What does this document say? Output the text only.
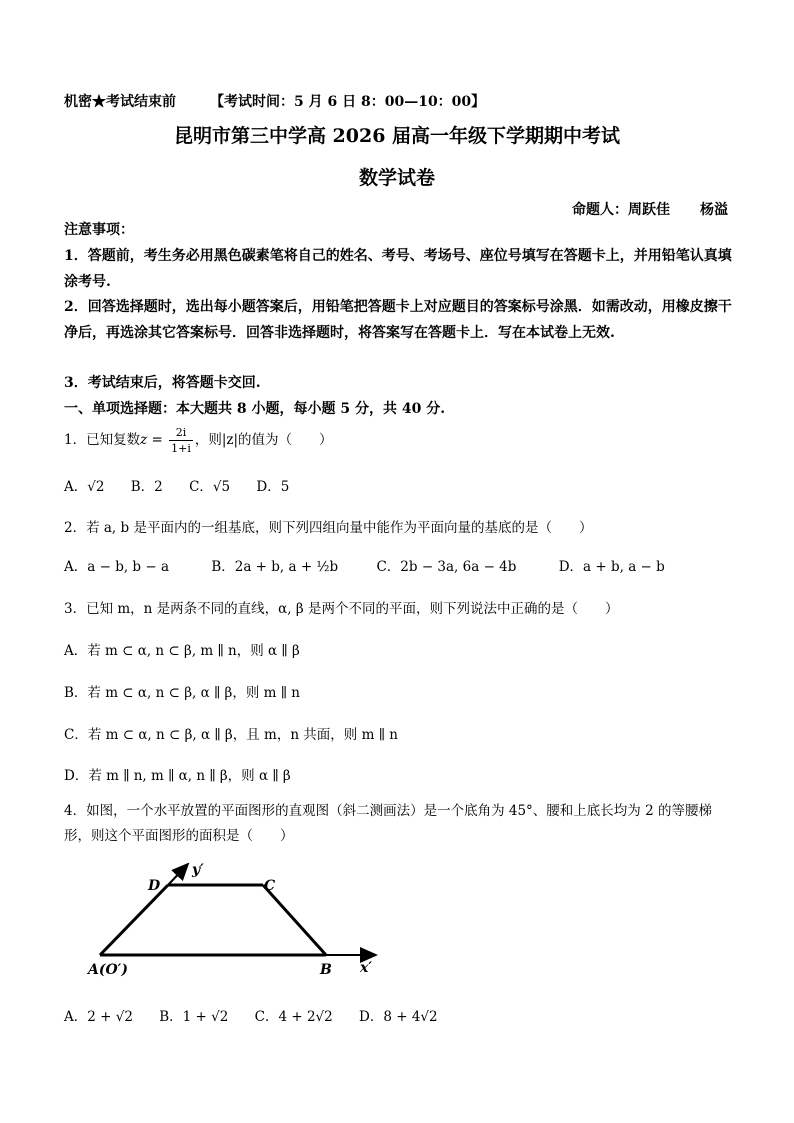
机密★考试结束前 【考试时间：5 月 6 日 8：00—10：00】
昆明市第三中学高 2026 届高一年级下学期期中考试
数学试卷
命题人：周跃佳 杨溢
注意事项：
1．答题前，考生务必用黑色碳素笔将自己的姓名、考号、考场号、座位号填写在答题卡上，并用铅笔认真填涂考号.
2．回答选择题时，选出每小题答案后，用铅笔把答题卡上对应题目的答案标号涂黑．如需改动，用橡皮擦干净后，再选涂其它答案标号．回答非选择题时，将答案写在答题卡上．写在本试卷上无效.
3．考试结束后，将答题卡交回.
一、单项选择题：本大题共 8 小题，每小题 5 分，共 40 分.
1．已知复数$z = \frac{2i}{1+i}$ ，则|z|的值为（　　）
A．√2 B．2 C．√5 D．5
2．若 a, b 是平面内的一组基底，则下列四组向量中能作为平面向量的基底的是（　　）
A．a − b, b − a	B．2a + b, a + ½b	C．2b − 3a, 6a − 4b	D．a + b, a − b
3．已知 m，n 是两条不同的直线，α, β 是两个不同的平面，则下列说法中正确的是（　　）
A．若 m ⊂ α, n ⊂ β, m ∥ n，则 α ∥ β
B．若 m ⊂ α, n ⊂ β, α ∥ β，则 m ∥ n
C．若 m ⊂ α, n ⊂ β, α ∥ β，且 m，n 共面，则 m ∥ n
D．若 m ∥ n, m ∥ α, n ∥ β，则 α ∥ β
4．如图，一个水平放置的平面图形的直观图（斜二测画法）是一个底角为 45°、腰和上底长均为 2 的等腰梯
形，则这个平面图形的面积是（　　）
D	C
A(O′)	B
y′
x′
A．2 + √2 B．1 + √2 C．4 + 2√2 D．8 + 4√2
